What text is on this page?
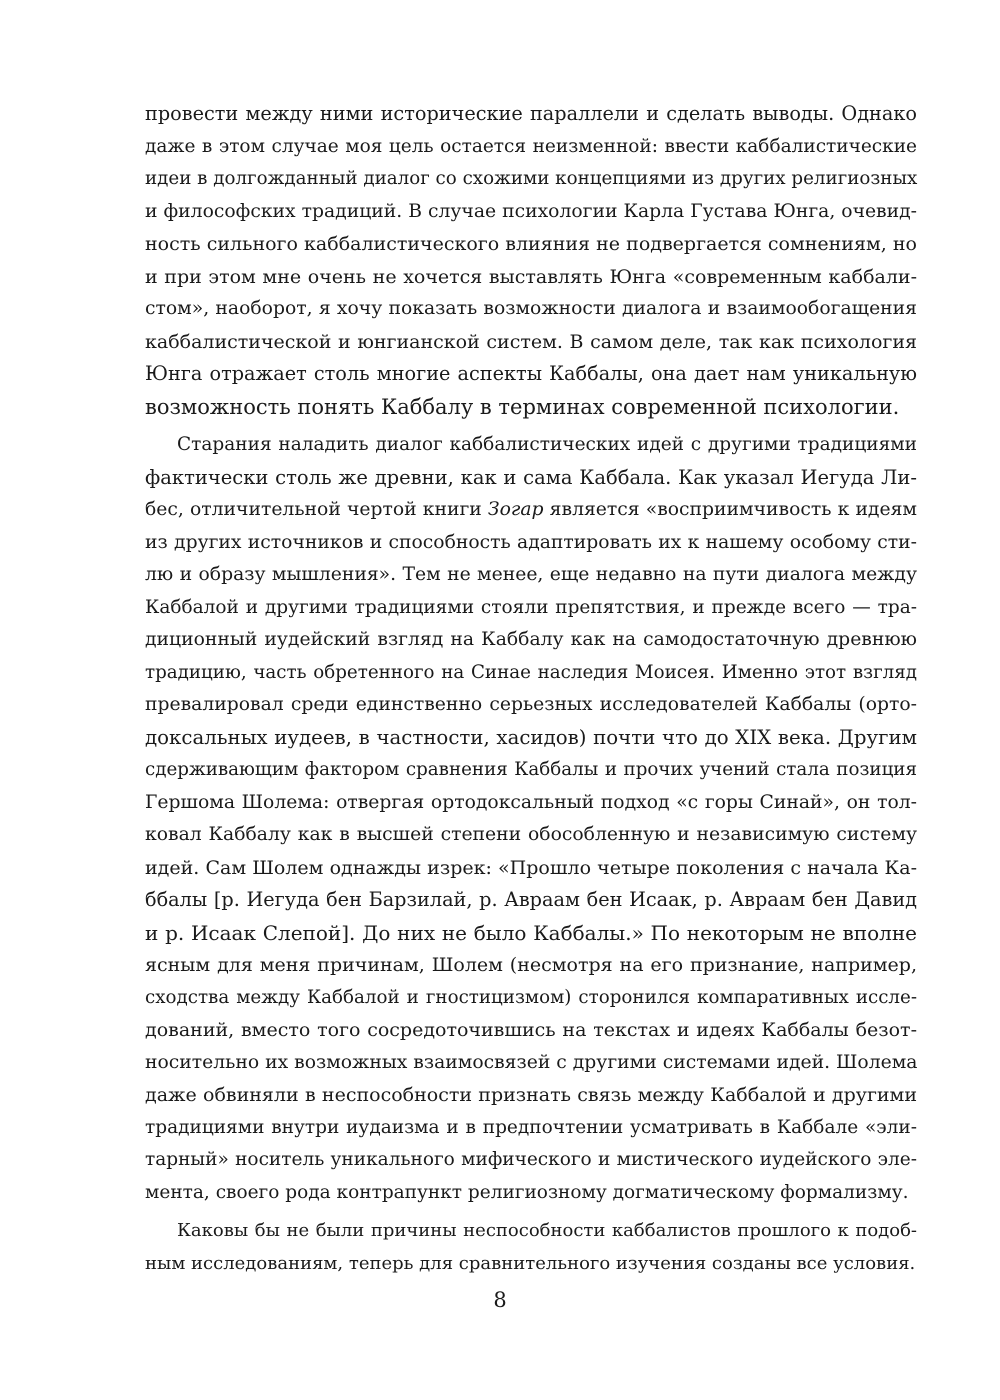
провести между ними исторические параллели и сделать выводы. Однако
даже в этом случае моя цель остается неизменной: ввести каббалистические
идеи в долгожданный диалог со схожими концепциями из других религиозных
и философских традиций. В случае психологии Карла Густава Юнга, очевид-
ность сильного каббалистического влияния не подвергается сомнениям, но
и при этом мне очень не хочется выставлять Юнга «современным каббали-
стом», наоборот, я хочу показать возможности диалога и взаимообогащения
каббалистической и юнгианской систем. В самом деле, так как психология
Юнга отражает столь многие аспекты Каббалы, она дает нам уникальную
возможность понять Каббалу в терминах современной психологии.
Старания наладить диалог каббалистических идей с другими традициями
фактически столь же древни, как и сама Каббала. Как указал Иегуда Ли-
бес, отличительной чертой книги Зогар является «восприимчивость к идеям
из других источников и способность адаптировать их к нашему особому сти-
лю и образу мышления». Тем не менее, еще недавно на пути диалога между
Каббалой и другими традициями стояли препятствия, и прежде всего — тра-
диционный иудейский взгляд на Каббалу как на самодостаточную древнюю
традицию, часть обретенного на Синае наследия Моисея. Именно этот взгляд
превалировал среди единственно серьезных исследователей Каббалы (орто-
доксальных иудеев, в частности, хасидов) почти что до XIX века. Другим
сдерживающим фактором сравнения Каббалы и прочих учений стала позиция
Гершома Шолема: отвергая ортодоксальный подход «с горы Синай», он тол-
ковал Каббалу как в высшей степени обособленную и независимую систему
идей. Сам Шолем однажды изрек: «Прошло четыре поколения с начала Ка-
ббалы [р. Иегуда бен Барзилай, р. Авраам бен Исаак, р. Авраам бен Давид
и р. Исаак Слепой]. До них не было Каббалы.» По некоторым не вполне
ясным для меня причинам, Шолем (несмотря на его признание, например,
сходства между Каббалой и гностицизмом) сторонился компаративных иссле-
дований, вместо того сосредоточившись на текстах и идеях Каббалы безот-
носительно их возможных взаимосвязей с другими системами идей. Шолема
даже обвиняли в неспособности признать связь между Каббалой и другими
традициями внутри иудаизма и в предпочтении усматривать в Каббале «эли-
тарный» носитель уникального мифического и мистического иудейского эле-
мента, своего рода контрапункт религиозному догматическому формализму.
Каковы бы не были причины неспособности каббалистов прошлого к подоб-
ным исследованиям, теперь для сравнительного изучения созданы все условия.
8
